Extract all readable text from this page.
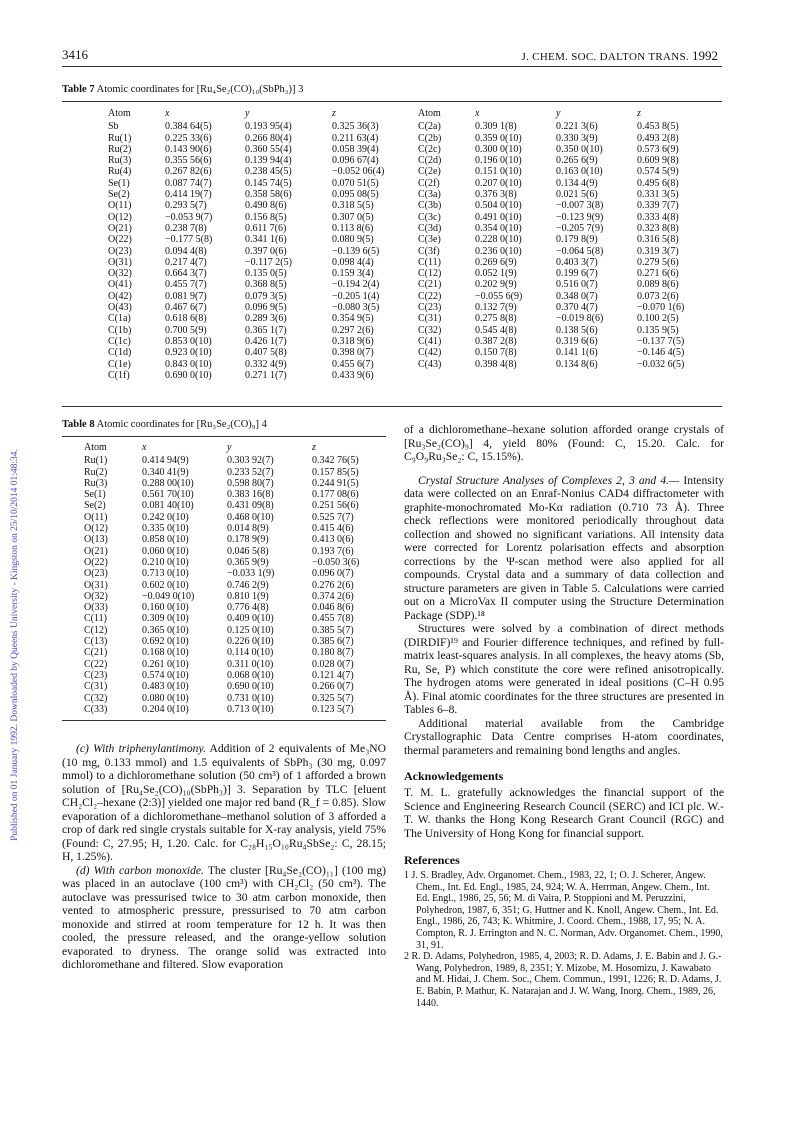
3416	J. CHEM. SOC. DALTON TRANS. 1992
Published on 01 January 1992. Downloaded by Queens University - Kingston on 25/10/2014 01:48:34.
Table 7 Atomic coordinates for [Ru₄Se₂(CO)₁₀(SbPh₃)] 3
Atom	x	y	z
Sb	0.384 64(5)	0.193 95(4)	0.325 36(3)
Ru(1)	0.225 33(6)	0.266 80(4)	0.211 63(4)
Ru(2)	0.143 90(6)	0.360 55(4)	0.058 39(4)
Ru(3)	0.355 56(6)	0.139 94(4)	0.096 67(4)
Ru(4)	0.267 82(6)	0.238 45(5)	−0.052 06(4)
Se(1)	0.087 74(7)	0.145 74(5)	0.070 51(5)
Se(2)	0.414 19(7)	0.358 58(6)	0.095 08(5)
O(11)	0.293 5(7)	0.490 8(6)	0.318 5(5)
O(12)	−0.053 9(7)	0.156 8(5)	0.307 0(5)
O(21)	0.238 7(8)	0.611 7(6)	0.113 8(6)
O(22)	−0.177 5(8)	0.341 1(6)	0.080 9(5)
O(23)	0.094 4(8)	0.397 0(6)	−0.139 6(5)
O(31)	0.217 4(7)	−0.117 2(5)	0.098 4(4)
O(32)	0.664 3(7)	0.135 0(5)	0.159 3(4)
O(41)	0.455 7(7)	0.368 8(5)	−0.194 2(4)
O(42)	0.081 9(7)	0.079 3(5)	−0.205 1(4)
O(43)	0.467 6(7)	0.096 9(5)	−0.080 3(5)
C(1a)	0.618 6(8)	0.289 3(6)	0.354 9(5)
C(1b)	0.700 5(9)	0.365 1(7)	0.297 2(6)
C(1c)	0.853 0(10)	0.426 1(7)	0.318 9(6)
C(1d)	0.923 0(10)	0.407 5(8)	0.398 0(7)
C(1e)	0.843 0(10)	0.332 4(9)	0.455 6(7)
C(1f)	0.690 0(10)	0.271 1(7)	0.433 9(6)
Atom	x	y	z
C(2a)	0.309 1(8)	0.221 3(6)	0.453 8(5)
C(2b)	0.359 0(10)	0.330 3(9)	0.493 2(8)
C(2c)	0.300 0(10)	0.350 0(10)	0.573 6(9)
C(2d)	0.196 0(10)	0.265 6(9)	0.609 9(8)
C(2e)	0.151 0(10)	0.163 0(10)	0.574 5(9)
C(2f)	0.207 0(10)	0.134 4(9)	0.495 6(8)
C(3a)	0.376 3(8)	0.021 5(6)	0.331 3(5)
C(3b)	0.504 0(10)	−0.007 3(8)	0.339 7(7)
C(3c)	0.491 0(10)	−0.123 9(9)	0.333 4(8)
C(3d)	0.354 0(10)	−0.205 7(9)	0.323 8(8)
C(3e)	0.228 0(10)	0.179 8(9)	0.316 5(8)
C(3f)	0.236 0(10)	−0.064 5(8)	0.319 3(7)
C(11)	0.269 6(9)	0.403 3(7)	0.279 5(6)
C(12)	0.052 1(9)	0.199 6(7)	0.271 6(6)
C(21)	0.202 9(9)	0.516 0(7)	0.089 8(6)
C(22)	−0.055 6(9)	0.348 0(7)	0.073 2(6)
C(23)	0.132 7(9)	0.370 4(7)	−0.070 1(6)
C(31)	0.275 8(8)	−0.019 8(6)	0.100 2(5)
C(32)	0.545 4(8)	0.138 5(6)	0.135 9(5)
C(41)	0.387 2(8)	0.319 6(6)	−0.137 7(5)
C(42)	0.150 7(8)	0.141 1(6)	−0.146 4(5)
C(43)	0.398 4(8)	0.134 8(6)	−0.032 6(5)
Table 8 Atomic coordinates for [Ru₃Se₂(CO)₉] 4
Atom	x	y	z
Ru(1)	0.414 94(9)	0.303 92(7)	0.342 76(5)
Ru(2)	0.340 41(9)	0.233 52(7)	0.157 85(5)
Ru(3)	0.288 00(10)	0.598 80(7)	0.244 91(5)
Se(1)	0.561 70(10)	0.383 16(8)	0.177 08(6)
Se(2)	0.081 40(10)	0.431 09(8)	0.251 56(6)
O(11)	0.242 0(10)	0.468 0(10)	0.525 7(7)
O(12)	0.335 0(10)	0.014 8(9)	0.415 4(6)
O(13)	0.858 0(10)	0.178 9(9)	0.413 0(6)
O(21)	0.060 0(10)	0.046 5(8)	0.193 7(6)
O(22)	0.210 0(10)	0.365 9(9)	−0.050 3(6)
O(23)	0.713 0(10)	−0.033 1(9)	0.096 0(7)
O(31)	0.602 0(10)	0.746 2(9)	0.276 2(6)
O(32)	−0.049 0(10)	0.810 1(9)	0.374 2(6)
O(33)	0.160 0(10)	0.776 4(8)	0.046 8(6)
C(11)	0.309 0(10)	0.409 0(10)	0.455 7(8)
C(12)	0.365 0(10)	0.125 0(10)	0.385 5(7)
C(13)	0.692 0(10)	0.226 0(10)	0.385 6(7)
C(21)	0.168 0(10)	0.114 0(10)	0.180 8(7)
C(22)	0.261 0(10)	0.311 0(10)	0.028 0(7)
C(23)	0.574 0(10)	0.068 0(10)	0.121 4(7)
C(31)	0.483 0(10)	0.690 0(10)	0.266 0(7)
C(32)	0.080 0(10)	0.731 0(10)	0.325 5(7)
C(33)	0.204 0(10)	0.713 0(10)	0.123 5(7)

(c) With triphenylantimony. Addition of 2 equivalents of Me₃NO (10 mg, 0.133 mmol) and 1.5 equivalents of SbPh₃ (30 mg, 0.097 mmol) to a dichloromethane solution (50 cm³) of 1 afforded a brown solution of [Ru₄Se₂(CO)₁₀(SbPh₃)] 3. Separation by TLC [eluent CH₂Cl₂–hexane (2:3)] yielded one major red band (R_f = 0.85). Slow evaporation of a dichloromethane–methanol solution of 3 afforded a crop of dark red single crystals suitable for X-ray analysis, yield 75% (Found: C, 27.95; H, 1.20. Calc. for C₂₈H₁₅O₁₀Ru₄SbSe₂: C, 28.15; H, 1.25%).

(d) With carbon monoxide. The cluster [Ru₄Se₂(CO)₁₁] (100 mg) was placed in an autoclave (100 cm³) with CH₂Cl₂ (50 cm³). The autoclave was pressurised twice to 30 atm carbon monoxide, then vented to atmospheric pressure, pressurised to 70 atm carbon monoxide and stirred at room temperature for 12 h. It was then cooled, the pressure released, and the orange-yellow solution evaporated to dryness. The orange solid was extracted into dichloromethane and filtered. Slow evaporation

of a dichloromethane–hexane solution afforded orange crystals of [Ru₃Se₂(CO)₉] 4, yield 80% (Found: C, 15.20. Calc. for C₉O₉Ru₃Se₂: C, 15.15%).

Crystal Structure Analyses of Complexes 2, 3 and 4.— Intensity data were collected on an Enraf-Nonius CAD4 diffractometer with graphite-monochromated Mo-Kα radiation (0.710 73 Å). Three check reflections were monitored periodically throughout data collection and showed no significant variations. All intensity data were corrected for Lorentz polarisation effects and absorption corrections by the Ψ-scan method were also applied for all compounds. Crystal data and a summary of data collection and structure parameters are given in Table 5. Calculations were carried out on a MicroVax II computer using the Structure Determination Package (SDP).¹⁸

Structures were solved by a combination of direct methods (DIRDIF)¹⁹ and Fourier difference techniques, and refined by full-matrix least-squares analysis. In all complexes, the heavy atoms (Sb, Ru, Se, P) which constitute the core were refined anisotropically. The hydrogen atoms were generated in ideal positions (C–H 0.95 Å). Final atomic coordinates for the three structures are presented in Tables 6–8.

Additional material available from the Cambridge Crystallographic Data Centre comprises H-atom coordinates, thermal parameters and remaining bond lengths and angles.

Acknowledgements

T. M. L. gratefully acknowledges the financial support of the Science and Engineering Research Council (SERC) and ICI plc. W.-T. W. thanks the Hong Kong Research Grant Council (RGC) and The University of Hong Kong for financial support.

References

1 J. S. Bradley, Adv. Organomet. Chem., 1983, 22, 1; O. J. Scherer, Angew. Chem., Int. Ed. Engl., 1985, 24, 924; W. A. Herrman, Angew. Chem., Int. Ed. Engl., 1986, 25, 56; M. di Vaira, P. Stoppioni and M. Peruzzini, Polyhedron, 1987, 6, 351; G. Huttner and K. Knoll, Angew. Chem., Int. Ed. Engl., 1986, 26, 743; K. Whitmire, J. Coord. Chem., 1988, 17, 95; N. A. Compton, R. J. Errington and N. C. Norman, Adv. Organomet. Chem., 1990, 31, 91.

2 R. D. Adams, Polyhedron, 1985, 4, 2003; R. D. Adams, J. E. Babin and J. G.-Wang, Polyhedron, 1989, 8, 2351; Y. Mizobe, M. Hosomizu, J. Kawabato and M. Hidai, J. Chem. Soc., Chem. Commun., 1991, 1226; R. D. Adams, J. E. Babin, P. Mathur, K. Natarajan and J. W. Wang, Inorg. Chem., 1989, 26, 1440.
